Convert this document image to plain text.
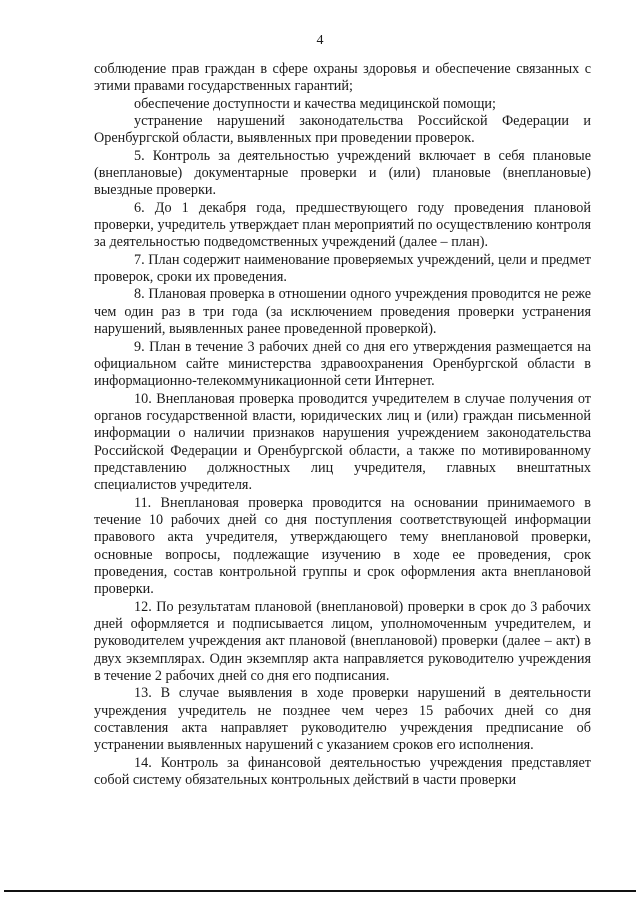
4

соблюдение прав граждан в сфере охраны здоровья и обеспечение связанных с этими правами государственных гарантий;

обеспечение доступности и качества медицинской помощи;

устранение нарушений законодательства Российской Федерации и Оренбургской области, выявленных при проведении проверок.

5. Контроль за деятельностью учреждений включает в себя плановые (внеплановые) документарные проверки и (или) плановые (внеплановые) выездные проверки.

6. До 1 декабря года, предшествующего году проведения плановой проверки, учредитель утверждает план мероприятий по осуществлению контроля за деятельностью подведомственных учреждений (далее – план).

7. План содержит наименование проверяемых учреждений, цели и предмет проверок, сроки их проведения.

8. Плановая проверка в отношении одного учреждения проводится не реже чем один раз в три года (за исключением проведения проверки устранения нарушений, выявленных ранее проведенной проверкой).

9. План в течение 3 рабочих дней со дня его утверждения размещается на официальном сайте министерства здравоохранения Оренбургской области в информационно-телекоммуникационной сети Интернет.

10. Внеплановая проверка проводится учредителем в случае получения от органов государственной власти, юридических лиц и (или) граждан письменной информации о наличии признаков нарушения учреждением законодательства Российской Федерации и Оренбургской области, а также по мотивированному представлению должностных лиц учредителя, главных внештатных специалистов учредителя.

11. Внеплановая проверка проводится на основании принимаемого в течение 10 рабочих дней со дня поступления соответствующей информации правового акта учредителя, утверждающего тему внеплановой проверки, основные вопросы, подлежащие изучению в ходе ее проведения, срок проведения, состав контрольной группы и срок оформления акта внеплановой проверки.

12. По результатам плановой (внеплановой) проверки в срок до 3 рабочих дней оформляется и подписывается лицом, уполномоченным учредителем, и руководителем учреждения акт плановой (внеплановой) проверки (далее – акт) в двух экземплярах. Один экземпляр акта направляется руководителю учреждения в течение 2 рабочих дней со дня его подписания.

13. В случае выявления в ходе проверки нарушений в деятельности учреждения учредитель не позднее чем через 15 рабочих дней со дня составления акта направляет руководителю учреждения предписание об устранении выявленных нарушений с указанием сроков его исполнения.

14. Контроль за финансовой деятельностью учреждения представляет собой систему обязательных контрольных действий в части проверки
